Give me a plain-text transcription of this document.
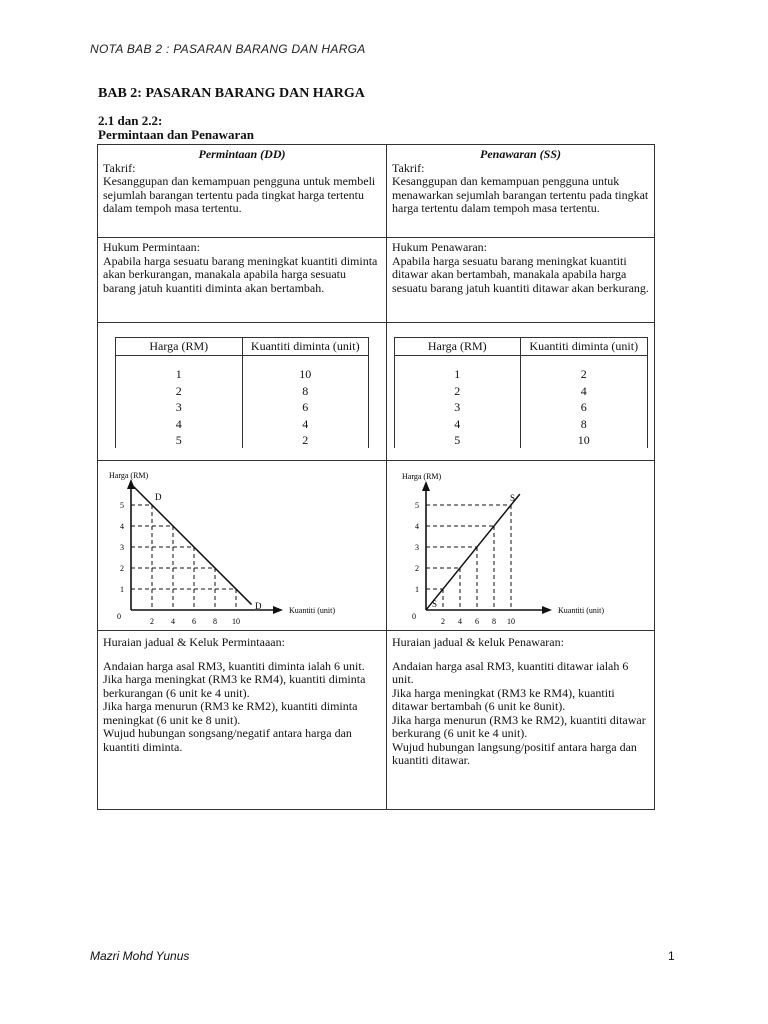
NOTA BAB 2 : PASARAN BARANG DAN HARGA
BAB 2: PASARAN BARANG DAN HARGA
2.1 dan 2.2:
Permintaan dan Penawaran
Permintaan (DD)
Takrif:
Kesanggupan dan kemampuan pengguna untuk membeli sejumlah barangan tertentu pada tingkat harga tertentu dalam tempoh masa tertentu.

Penawaran (SS)
Takrif:
Kesanggupan dan kemampuan pengguna untuk menawarkan sejumlah barangan tertentu pada tingkat harga tertentu dalam tempoh masa tertentu.

Hukum Permintaan:
Apabila harga sesuatu barang meningkat kuantiti diminta akan berkurangan, manakala apabila harga sesuatu barang jatuh kuantiti diminta akan bertambah.

Hukum Penawaran:
Apabila harga sesuatu barang meningkat kuantiti ditawar akan bertambah, manakala apabila harga sesuatu barang jatuh kuantiti ditawar akan berkurang.

Harga (RM)	Kuantiti diminta (unit)
1	10
2	8
3	6
4	4
5	2

Harga (RM)	Kuantiti diminta (unit)
1	2
2	4
3	6
4	8
5	10

Harga (RM)
Kuantiti (unit)
0
D
D
1
2
3
4
5
2 4 6 8 10

Harga (RM)
Kuantiti (unit)
0
S
S
1
2
3
4
5
2 4 6 8 10

Huraian jadual & Keluk Permintaaan:
Andaian harga asal RM3, kuantiti diminta ialah 6 unit.
Jika harga meningkat (RM3 ke RM4), kuantiti diminta berkurangan (6 unit ke 4 unit).
Jika harga menurun (RM3 ke RM2), kuantiti diminta meningkat (6 unit ke 8 unit).
Wujud hubungan songsang/negatif antara harga dan kuantiti diminta.

Huraian jadual & keluk Penawaran:
Andaian harga asal RM3, kuantiti ditawar ialah 6 unit.
Jika harga meningkat (RM3 ke RM4), kuantiti ditawar bertambah (6 unit ke 8unit).
Jika harga menurun (RM3 ke RM2), kuantiti ditawar berkurang (6 unit ke 4 unit).
Wujud hubungan langsung/positif antara harga dan kuantiti ditawar.
Mazri Mohd Yunus	1
